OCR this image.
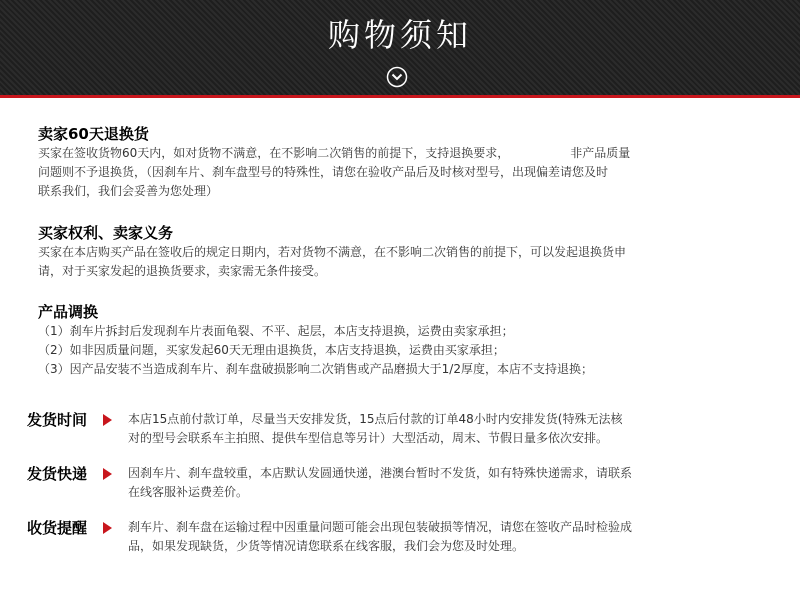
购物须知

卖家60天退换货

买家在签收货物60天内，如对货物不满意，在不影响二次销售的前提下，支持退换要求，                非产品质量

问题则不予退换货，（因刹车片、刹车盘型号的特殊性，请您在验收产品后及时核对型号，出现偏差请您及时

联系我们，我们会妥善为您处理）

买家权利、卖家义务

买家在本店购买产品在签收后的规定日期内，若对货物不满意，在不影响二次销售的前提下，可以发起退换货申

请，对于买家发起的退换货要求，卖家需无条件接受。

产品调换

（1）刹车片拆封后发现刹车片表面龟裂、不平、起层，本店支持退换，运费由卖家承担；

（2）如非因质量问题，买家发起60天无理由退换货，本店支持退换，运费由买家承担；

（3）因产品安装不当造成刹车片、刹车盘破损影响二次销售或产品磨损大于1/2厚度，本店不支持退换；

发货时间	本店15点前付款订单，尽量当天安排发货，15点后付款的订单48小时内安排发货(特殊无法核
对的型号会联系车主拍照、提供车型信息等另计）大型活动，周末、节假日量多依次安排。
发货快递	因刹车片、刹车盘较重，本店默认发圆通快递，港澳台暂时不发货，如有特殊快递需求，请联系
在线客服补运费差价。
收货提醒	刹车片、刹车盘在运输过程中因重量问题可能会出现包装破损等情况，请您在签收产品时检验成
品，如果发现缺货，少货等情况请您联系在线客服，我们会为您及时处理。
